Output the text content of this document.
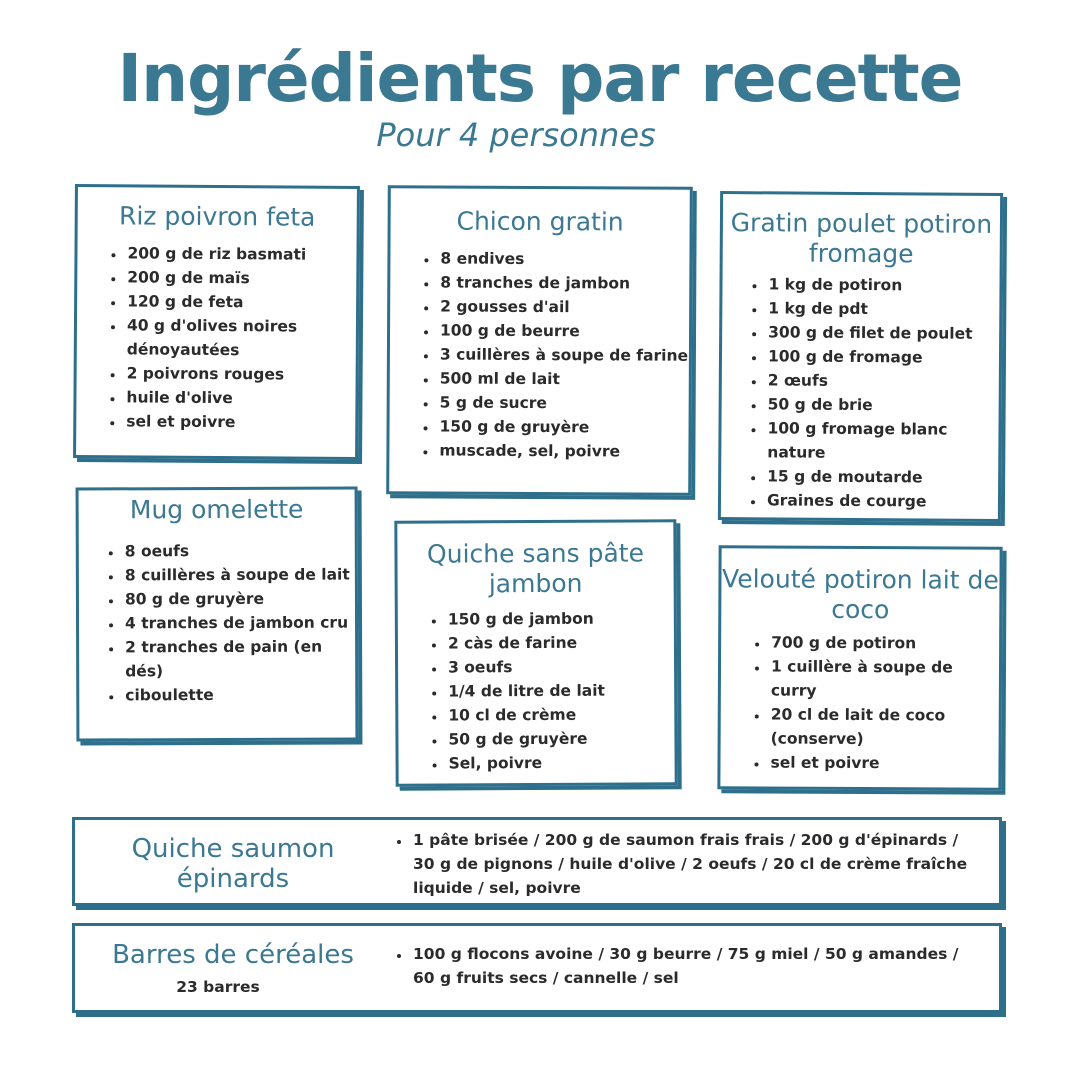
Ingrédients par recette

Pour 4 personnes

Riz poivron feta
• 200 g de riz basmati
• 200 g de maïs
• 120 g de feta
• 40 g d'olives noires dénoyautées
• 2 poivrons rouges
• huile d'olive
• sel et poivre
Chicon gratin
• 8 endives
• 8 tranches de jambon
• 2 gousses d'ail
• 100 g de beurre
• 3 cuillères à soupe de farine
• 500 ml de lait
• 5 g de sucre
• 150 g de gruyère
• muscade, sel, poivre
Gratin poulet potiron fromage
• 1 kg de potiron
• 1 kg de pdt
• 300 g de filet de poulet
• 100 g de fromage
• 2 œufs
• 50 g de brie
• 100 g fromage blanc nature
• 15 g de moutarde
• Graines de courge
Mug omelette
• 8 oeufs
• 8 cuillères à soupe de lait
• 80 g de gruyère
• 4 tranches de jambon cru
• 2 tranches de pain (en dés)
• ciboulette
Quiche sans pâte jambon
• 150 g de jambon
• 2 càs de farine
• 3 oeufs
• 1/4 de litre de lait
• 10 cl de crème
• 50 g de gruyère
• Sel, poivre
Velouté potiron lait de coco
• 700 g de potiron
• 1 cuillère à soupe de curry
• 20 cl de lait de coco (conserve)
• sel et poivre
Quiche saumon épinards
• 1 pâte brisée / 200 g de saumon frais frais / 200 g d'épinards / 30 g de pignons / huile d'olive / 2 oeufs / 20 cl de crème fraîche liquide / sel, poivre
Barres de céréales
23 barres
• 100 g flocons avoine / 30 g beurre / 75 g miel / 50 g amandes / 60 g fruits secs / cannelle / sel
